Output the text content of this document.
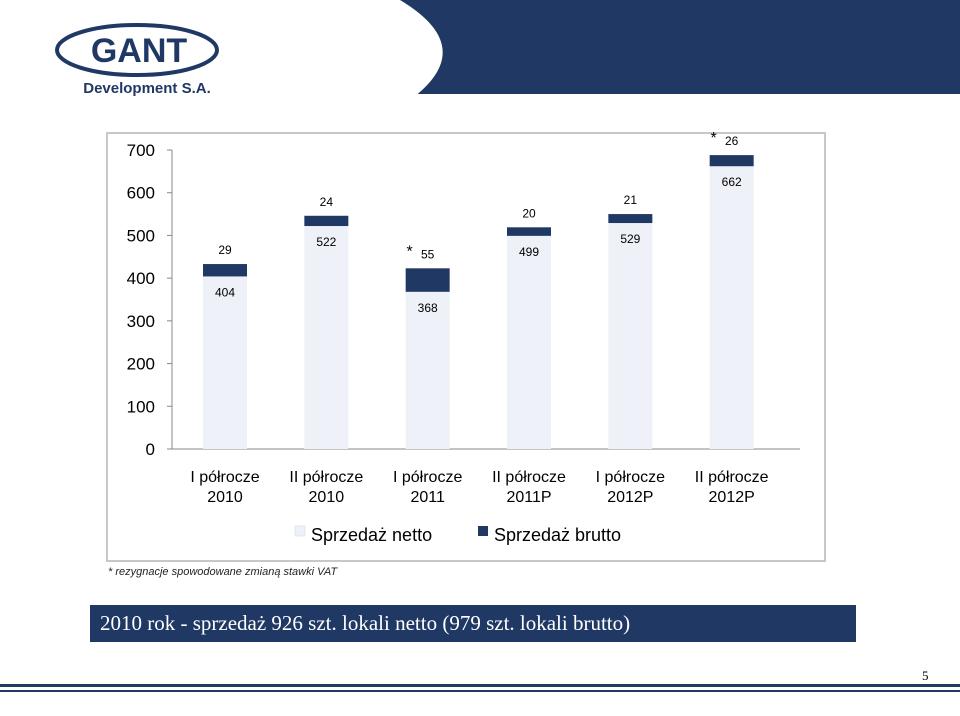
GANT
Development S.A.
Półroczna sprzedaż [szt.]
0
100
200
300
400
500
600
700
404
29
I półrocze
2010
522
24
II półrocze
2010
368
55
I półrocze
2011
499
20
II półrocze
2011P
529
21
I półrocze
2012P
662
26
II półrocze
2012P
*
*
Sprzedaż netto	Sprzedaż brutto
* rezygnacje spowodowane zmianą stawki VAT
2010 rok - sprzedaż 926 szt. lokali netto (979 szt. lokali brutto)
5
